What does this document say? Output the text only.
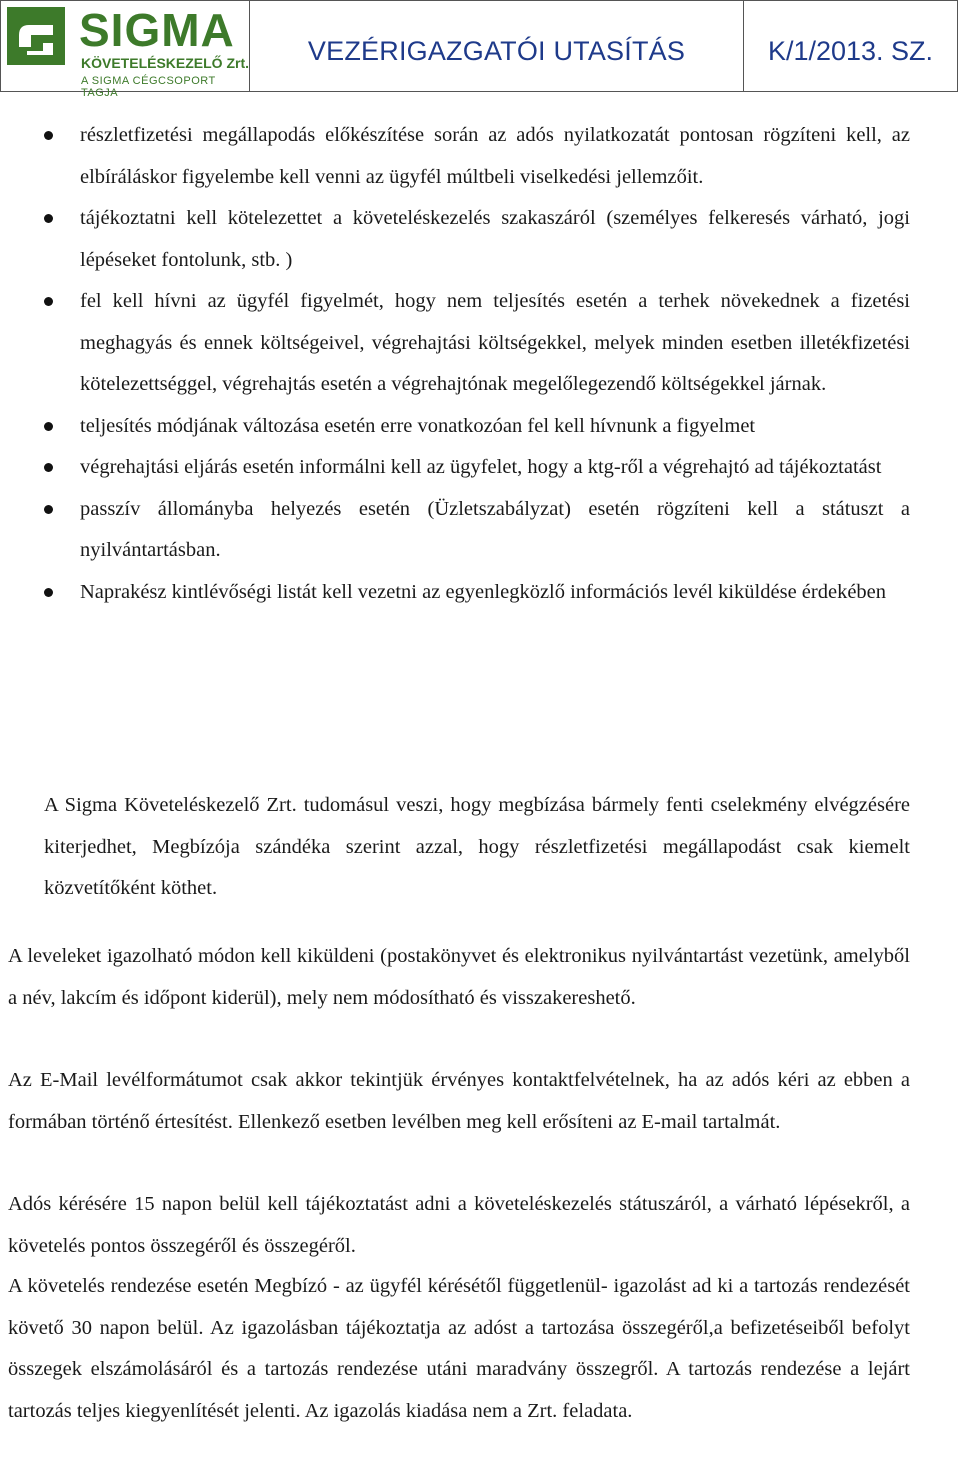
SIGMA
KÖVETELÉSKEZELŐ Zrt.
A SIGMA CÉGCSOPORT TAGJA
VEZÉRIGAZGATÓI UTASÍTÁS	K/1/2013. SZ.
részletfizetési megállapodás előkészítése során az adós nyilatkozatát pontosan rögzíteni kell, az elbíráláskor figyelembe kell venni az ügyfél múltbeli viselkedési jellemzőit.
tájékoztatni kell kötelezettet a követeléskezelés szakaszáról (személyes felkeresés várható, jogi lépéseket fontolunk, stb. )
fel kell hívni az ügyfél figyelmét, hogy nem teljesítés esetén a terhek növekednek a fizetési meghagyás és ennek költségeivel, végrehajtási költségekkel, melyek minden esetben illetékfizetési kötelezettséggel, végrehajtás esetén a végrehajtónak megelőlegezendő költségekkel járnak.
teljesítés módjának változása esetén erre vonatkozóan fel kell hívnunk a figyelmet
végrehajtási eljárás esetén informálni kell az ügyfelet, hogy a ktg-ről a végrehajtó ad tájékoztatást
passzív állományba helyezés esetén (Üzletszabályzat) esetén rögzíteni kell a státuszt a nyilvántartásban.
Naprakész kintlévőségi listát kell vezetni az egyenlegközlő információs levél kiküldése érdekében

A Sigma Követeléskezelő Zrt. tudomásul veszi, hogy megbízása bármely fenti cselekmény elvégzésére kiterjedhet, Megbízója szándéka szerint azzal, hogy részletfizetési megállapodást csak kiemelt közvetítőként köthet.

A leveleket igazolható módon kell kiküldeni (postakönyvet és elektronikus nyilvántartást vezetünk, amelyből a név, lakcím és időpont kiderül), mely nem módosítható és visszakereshető.

Az E-Mail levélformátumot csak akkor tekintjük érvényes kontaktfelvételnek, ha az adós kéri az ebben a formában történő értesítést. Ellenkező esetben levélben meg kell erősíteni az E-mail tartalmát.

Adós kérésére 15 napon belül kell tájékoztatást adni a követeléskezelés státuszáról, a várható lépésekről, a követelés pontos összegéről és összegéről.

A követelés rendezése esetén Megbízó - az ügyfél kérésétől függetlenül- igazolást ad ki a tartozás rendezését követő 30 napon belül. Az igazolásban tájékoztatja az adóst a tartozása összegéről,a befizetéseiből befolyt összegek elszámolásáról és a tartozás rendezése utáni maradvány összegről. A tartozás rendezése a lejárt tartozás teljes kiegyenlítését jelenti. Az igazolás kiadása nem a Zrt. feladata.
